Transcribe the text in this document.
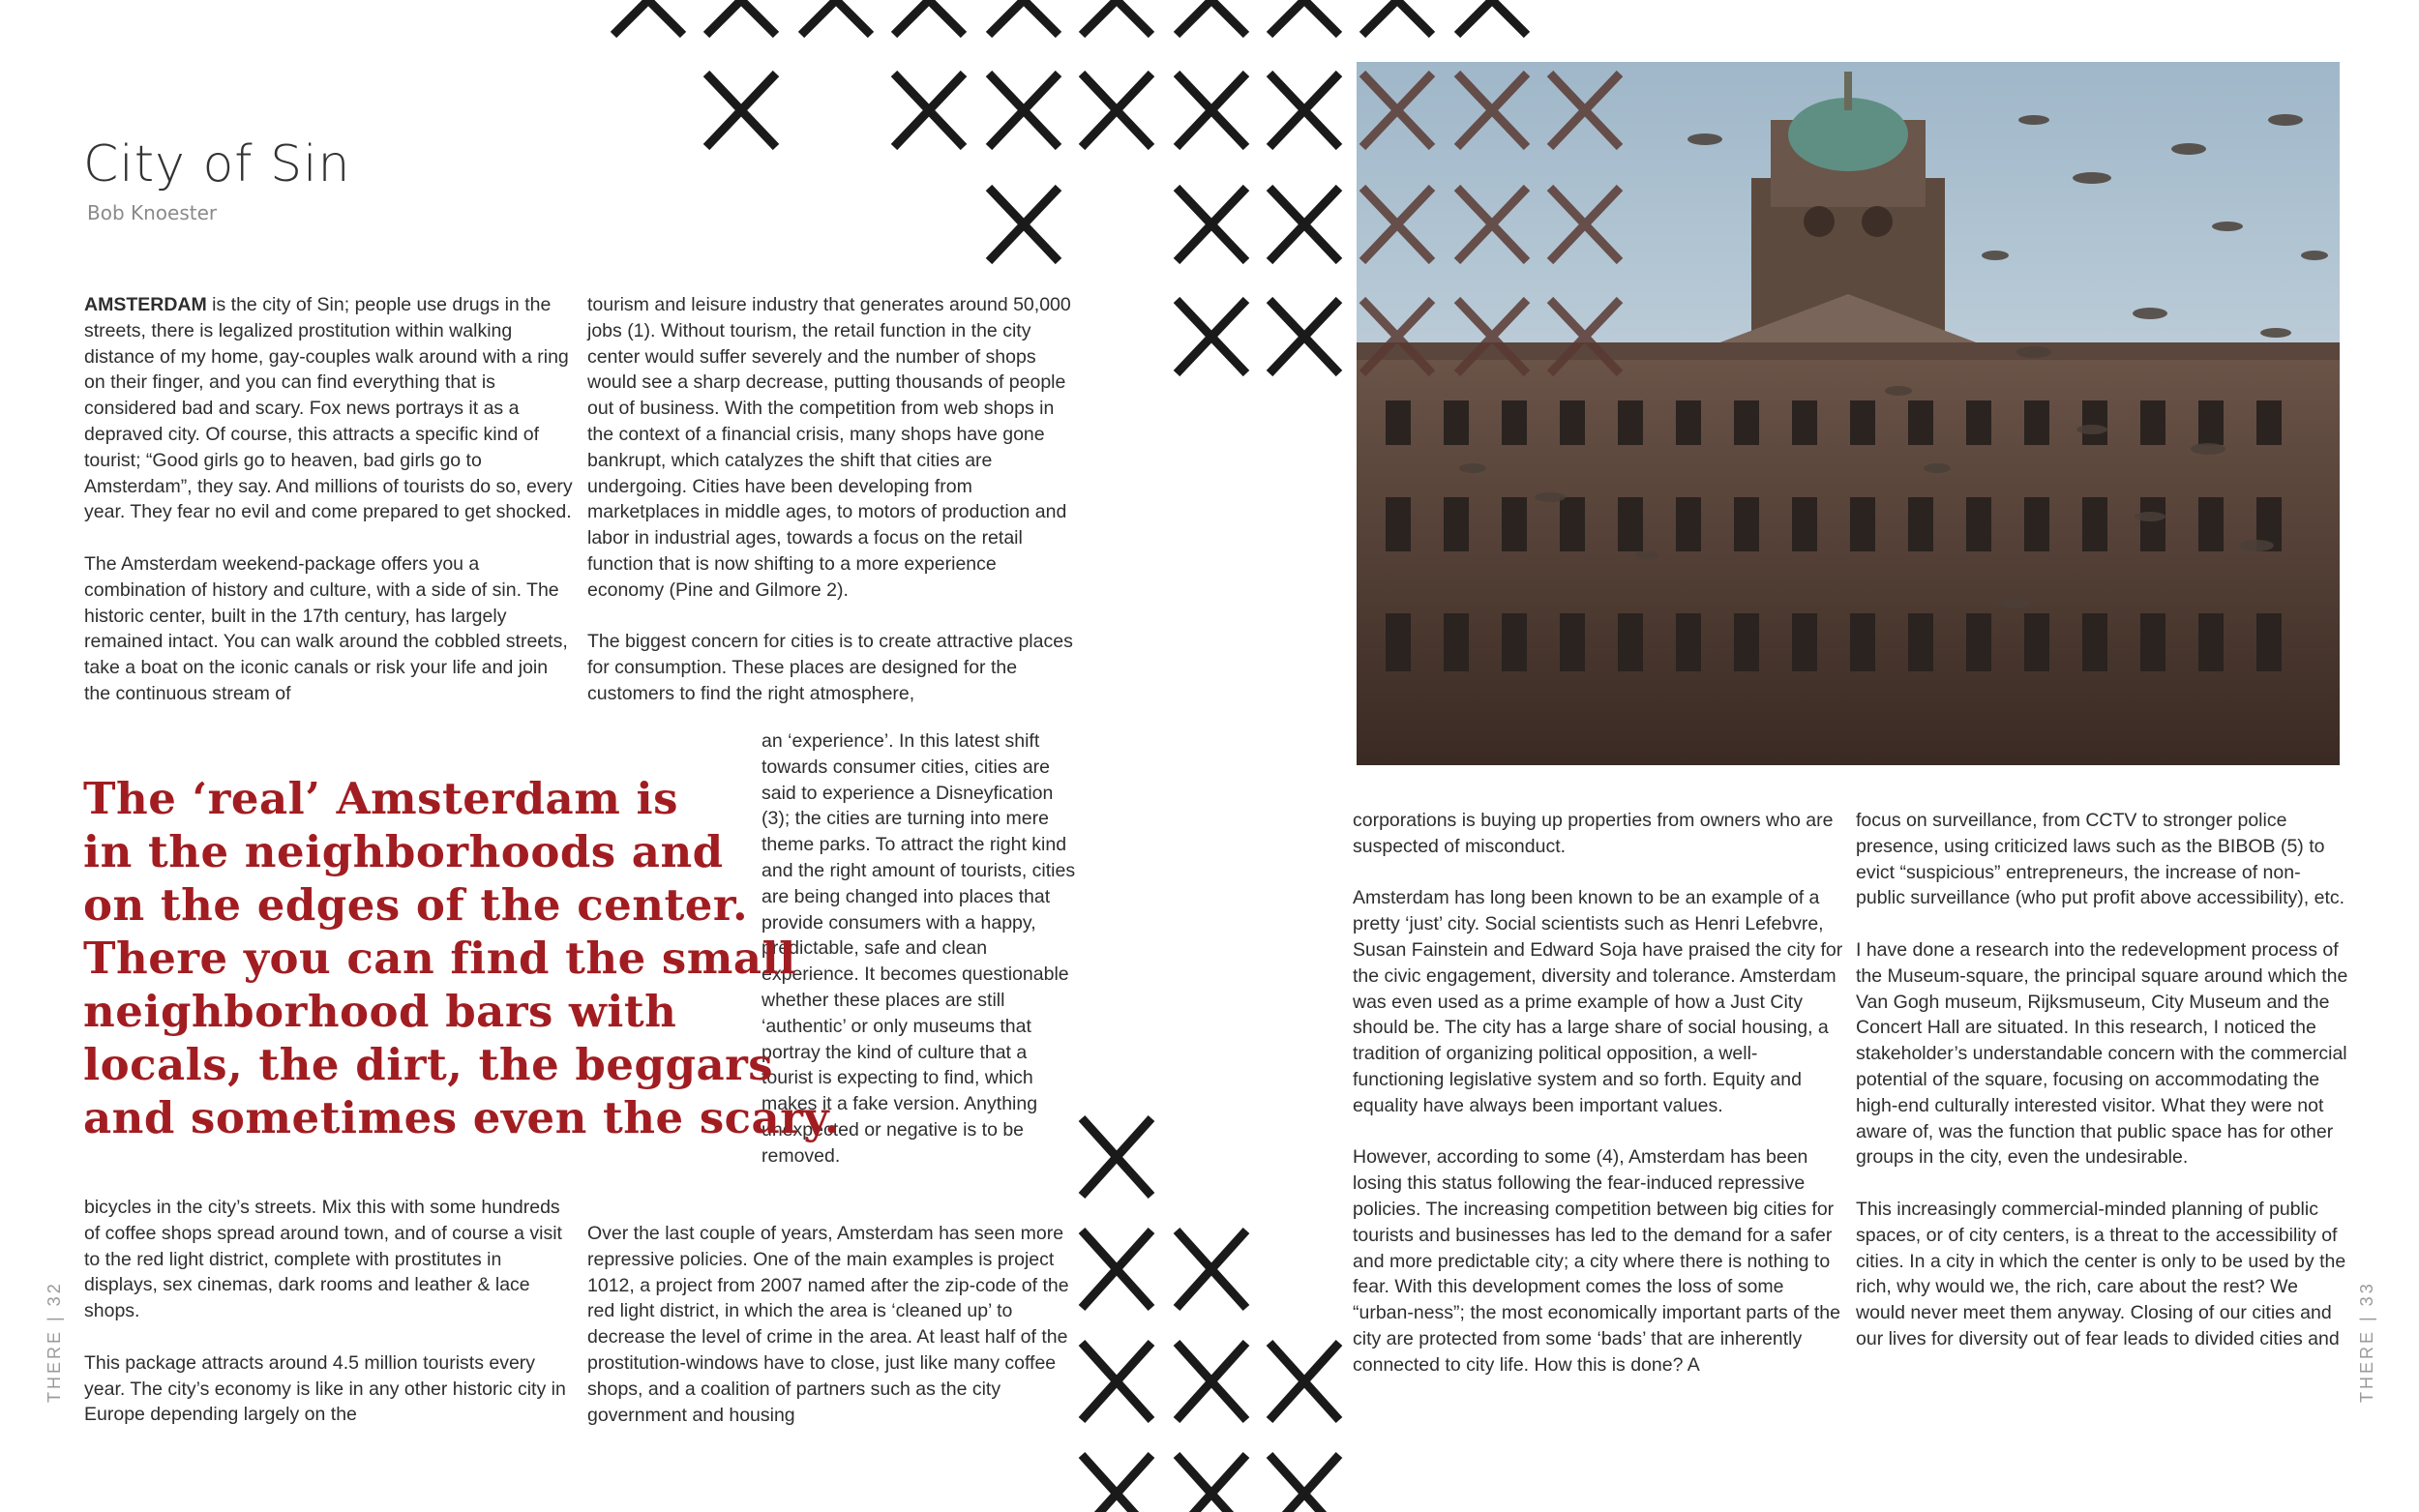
City of Sin
Bob Knoester

AMSTERDAM is the city of Sin; people use drugs in the streets, there is legalized prostitution within walking distance of my home, gay-couples walk around with a ring on their finger, and you can find everything that is considered bad and scary. Fox news portrays it as a depraved city. Of course, this attracts a specific kind of tourist; “Good girls go to heaven, bad girls go to Amsterdam”, they say. And millions of tourists do so, every year. They fear no evil and come prepared to get shocked.

The Amsterdam weekend-package offers you a combination of history and culture, with a side of sin. The historic center, built in the 17th century, has largely remained intact. You can walk around the cobbled streets, take a boat on the iconic canals or risk your life and join the continuous stream of

bicycles in the city’s streets. Mix this with some hundreds of coffee shops spread around town, and of course a visit to the red light district, complete with prostitutes in displays, sex cinemas, dark rooms and leather & lace shops.

This package attracts around 4.5 million tourists every year. The city’s economy is like in any other historic city in Europe depending largely on the

tourism and leisure industry that generates around 50,000 jobs (1). Without tourism, the retail function in the city center would suffer severely and the number of shops would see a sharp decrease, putting thousands of people out of business. With the competition from web shops in the context of a financial crisis, many shops have gone bankrupt, which catalyzes the shift that cities are undergoing. Cities have been developing from marketplaces in middle ages, to motors of production and labor in industrial ages, towards a focus on the retail function that is now shifting to a more experience economy (Pine and Gilmore 2).

The biggest concern for cities is to create attractive places for consumption. These places are designed for the customers to find the right atmosphere,

an ‘experience’. In this latest shift towards consumer cities, cities are said to experience a Disneyfication (3); the cities are turning into mere theme parks. To attract the right kind and the right amount of tourists, cities are being changed into places that provide consumers with a happy, predictable, safe and clean experience. It becomes questionable whether these places are still ‘authentic’ or only museums that portray the kind of culture that a tourist is expecting to find, which makes it a fake version. Anything unexpected or negative is to be removed.

Over the last couple of years, Amsterdam has seen more repressive policies. One of the main examples is project 1012, a project from 2007 named after the zip-code of the red light district, in which the area is ‘cleaned up’ to decrease the level of crime in the area. At least half of the prostitution-windows have to close, just like many coffee shops, and a coalition of partners such as the city government and housing

The ‘real’ Amsterdam is
in the neighborhoods and
on the edges of the center.
There you can find the small
neighborhood bars with
locals, the dirt, the beggars
and sometimes even the scary.

corporations is buying up properties from owners who are suspected of misconduct.

Amsterdam has long been known to be an example of a pretty ‘just’ city. Social scientists such as Henri Lefebvre, Susan Fainstein and Edward Soja have praised the city for the civic engagement, diversity and tolerance. Amsterdam was even used as a prime example of how a Just City should be. The city has a large share of social housing, a tradition of organizing political opposition, a well-functioning legislative system and so forth. Equity and equality have always been important values.

However, according to some (4), Amsterdam has been losing this status following the fear-induced repressive policies. The increasing competition between big cities for tourists and businesses has led to the demand for a safer and more predictable city; a city where there is nothing to fear. With this development comes the loss of some “urban-ness”; the most economically important parts of the city are protected from some ‘bads’ that are inherently connected to city life. How this is done? A

focus on surveillance, from CCTV to stronger police presence, using criticized laws such as the BIBOB (5) to evict “suspicious” entrepreneurs, the increase of non-public surveillance (who put profit above accessibility), etc.

I have done a research into the redevelopment process of the Museum-square, the principal square around which the Van Gogh museum, Rijksmuseum, City Museum and the Concert Hall are situated. In this research, I noticed the stakeholder’s understandable concern with the commercial potential of the square, focusing on accommodating the high-end culturally interested visitor. What they were not aware of, was the function that public space has for other groups in the city, even the undesirable.

This increasingly commercial-minded planning of public spaces, or of city centers, is a threat to the accessibility of cities. In a city in which the center is only to be used by the rich, why would we, the rich, care about the rest? We would never meet them anyway. Closing of our cities and our lives for diversity out of fear leads to divided cities and

THERE | 32	THERE | 33
